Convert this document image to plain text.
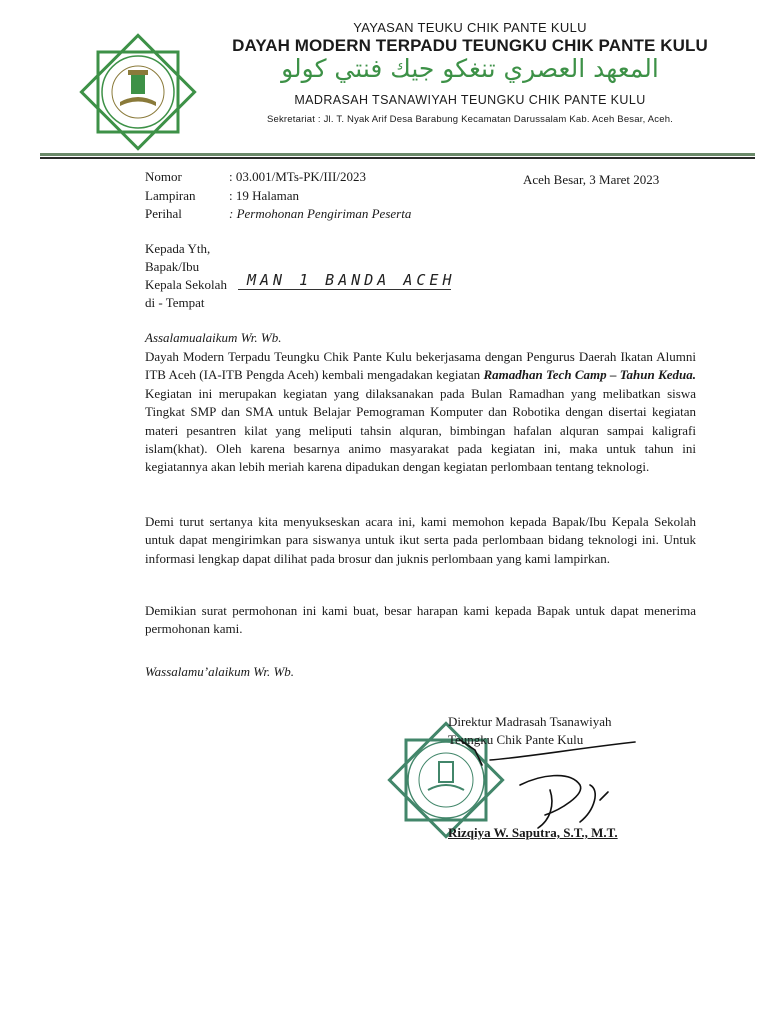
YAYASAN TEUKU CHIK PANTE KULU
DAYAH MODERN TERPADU TEUNGKU CHIK PANTE KULU
المعهد العصري تنغكو جيك فنتي كولو
MADRASAH TSANAWIYAH TEUNGKU CHIK PANTE KULU
Sekretariat : Jl. T. Nyak Arif Desa Barabung Kecamatan Darussalam Kab. Aceh Besar, Aceh.
Nomor	: 03.001/MTs-PK/III/2023
Lampiran	: 19 Halaman
Perihal	: Permohonan Pengiriman Peserta
Aceh Besar, 3 Maret 2023
Kepada Yth,
Bapak/Ibu
Kepala Sekolah
di - Tempat
MAN 1 BANDA ACEH
Assalamualaikum Wr. Wb.
Dayah Modern Terpadu Teungku Chik Pante Kulu bekerjasama dengan Pengurus Daerah Ikatan Alumni ITB Aceh (IA-ITB Pengda Aceh) kembali mengadakan kegiatan Ramadhan Tech Camp – Tahun Kedua. Kegiatan ini merupakan kegiatan yang dilaksanakan pada Bulan Ramadhan yang melibatkan siswa Tingkat SMP dan SMA untuk Belajar Pemograman Komputer dan Robotika dengan disertai kegiatan materi pesantren kilat yang meliputi tahsin alquran, bimbingan hafalan alquran sampai kaligrafi islam(khat). Oleh karena besarnya animo masyarakat pada kegiatan ini, maka untuk tahun ini kegiatannya akan lebih meriah karena dipadukan dengan kegiatan perlombaan tentang teknologi.
Demi turut sertanya kita menyukseskan acara ini, kami memohon kepada Bapak/Ibu Kepala Sekolah untuk dapat mengirimkan para siswanya untuk ikut serta pada perlombaan bidang teknologi ini. Untuk informasi lengkap dapat dilihat pada brosur dan juknis perlombaan yang kami lampirkan.
Demikian surat permohonan ini kami buat, besar harapan kami kepada Bapak untuk dapat menerima permohonan kami.
Wassalamu’alaikum Wr. Wb.
Direktur Madrasah Tsanawiyah
Teungku Chik Pante Kulu
Rizqiya W. Saputra, S.T., M.T.
